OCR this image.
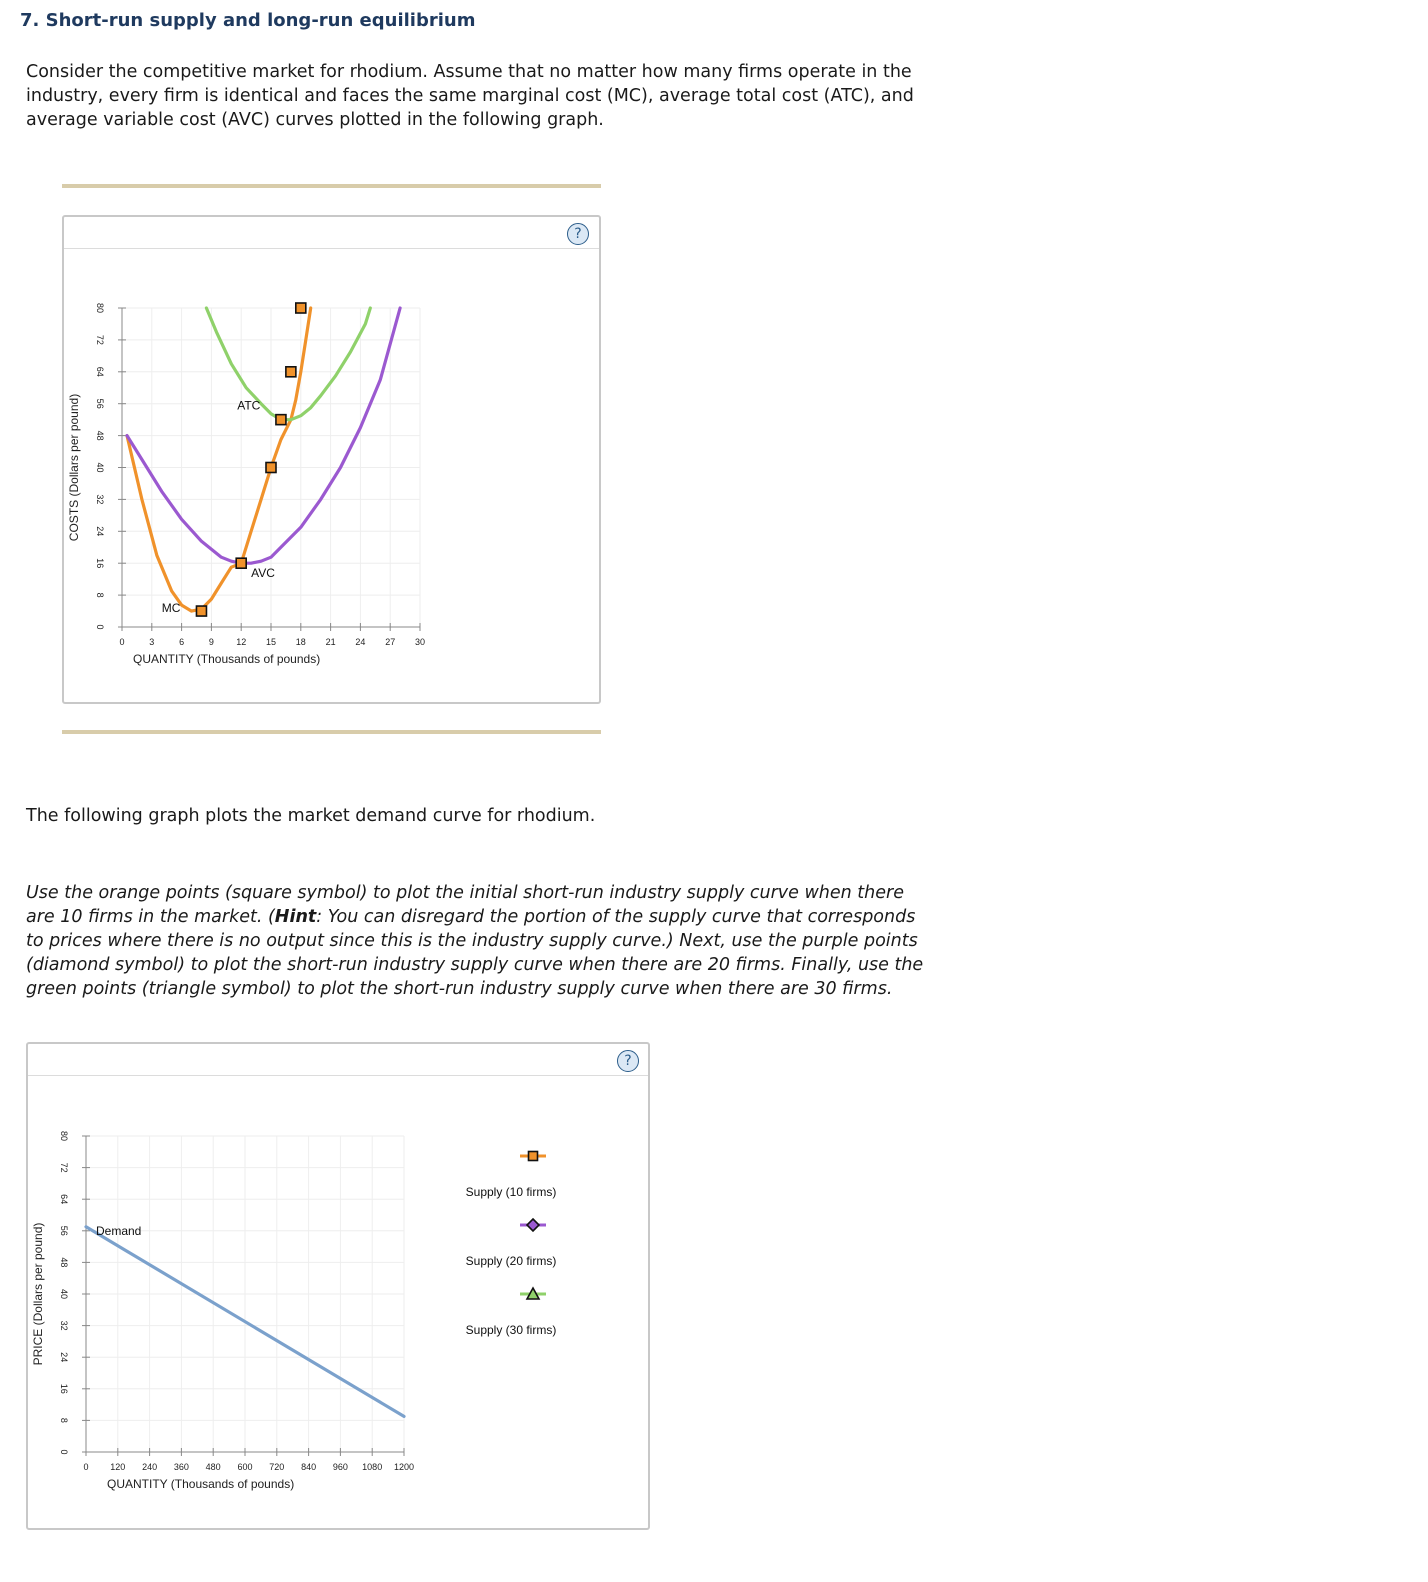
7. Short-run supply and long-run equilibrium

Consider the competitive market for rhodium. Assume that no matter how many firms operate in the industry, every firm is identical and faces the same marginal cost (MC), average total cost (ATC), and average variable cost (AVC) curves plotted in the following graph.

?
0
8
16
24
32
40
48
56
64
72
80
0	3	6	9 12 15 18 21 24 27 30
QUANTITY (Thousands of pounds)
COSTS (Dollars per pound)
MC
ATC
AVC

The following graph plots the market demand curve for rhodium.

Use the orange points (square symbol) to plot the initial short-run industry supply curve when there are 10 firms in the market. (Hint: You can disregard the portion of the supply curve that corresponds to prices where there is no output since this is the industry supply curve.) Next, use the purple points (diamond symbol) to plot the short-run industry supply curve when there are 20 firms. Finally, use the green points (triangle symbol) to plot the short-run industry supply curve when there are 30 firms.

?
0
8
16
24
32
40
48
56
64
72
80
0 120 240 360 480 600 720 840 960 1080 1200
QUANTITY (Thousands of pounds)
PRICE (Dollars per pound)	Demand
Supply (10 firms)
Supply (20 firms)
Supply (30 firms)
